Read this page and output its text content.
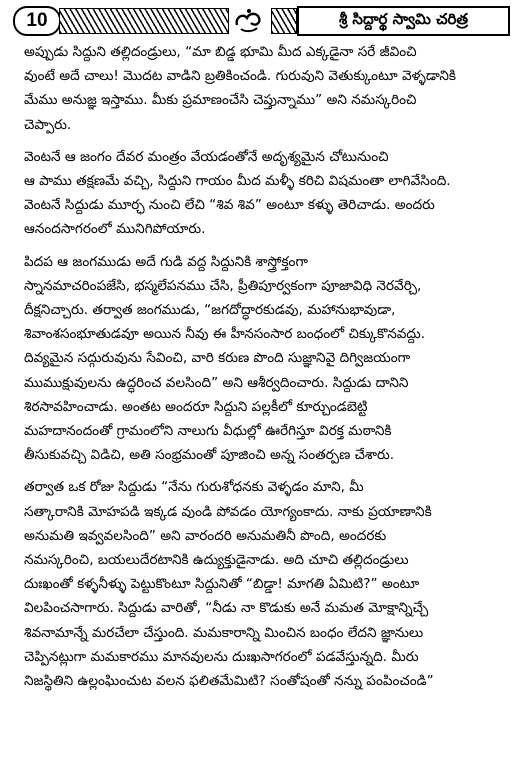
10	శ్రీ సిద్దార్థ స్వామి చరిత్ర

అప్పుడు సిద్దుని తల్లిదండ్రులు, “మా బిడ్డ భూమి మీద ఎక్కడైనా సరే జీవించి
వుంటే అదే చాలు! మొదట వాడిని బ్రతికించండి. గురువుని వెతుక్కుంటూ వెళ్ళడానికి
మేము అనుజ్ఞ ఇస్తాము. మీకు ప్రమాణంచేసి చెప్తున్నాము” అని నమస్కరించి
చెప్పారు.

వెంటనే ఆ జంగం దేవర మంత్రం వేయడంతోనే అదృశ్యమైన చోటునుంచి
ఆ పాము తక్షణమే వచ్చి, సిద్దుని గాయం మీద మళ్ళీ కరిచి విషమంతా లాగివేసింది.
వెంటనే సిద్దుడు మూర్ఛ నుంచి లేచి “శివ శివ” అంటూ కళ్ళు తెరిచాడు. అందరు
ఆనందసాగరంలో మునిగిపోయారు.

పిదప ఆ జంగముడు అదే గుడి వద్ద సిద్దునికి శాస్త్రోక్తంగా
స్నానమాచరింపజేసి, భస్మలేపనము చేసి, ప్రీతిపూర్వకంగా పూజావిధి నెరవేర్చి,
దీక్షనిచ్చారు. తర్వాత జంగముడు, “జగదోద్ధారకుడవు, మహానుభావుడా,
శివాంశసంభూతుడవూ అయిన నీవు ఈ హీనసంసార బంధంలో చిక్కుకొనవద్దు.
దివ్యమైన సద్గురువును సేవించి, వారి కరుణ పొంది సుజ్ఞానివై దిగ్విజయంగా
ముముక్షువులను ఉద్ధరించ వలసింది” అని ఆశీర్వదించారు. సిద్దుడు దానిని
శిరసావహించాడు. అంతట అందరూ సిద్దుని పల్లకీలో కూర్చుండబెట్టి
మహదానందంతో గ్రామంలోని నాలుగు వీధుల్లో ఊరేగిస్తూ విరక్త మఠానికి
తీసుకువచ్చి విడిచి, అతి సంభ్రమంతో పూజించి అన్న సంతర్పణ చేశారు.

తర్వాత ఒక రోజు సిద్దుడు “నేను గురుశోధనకు వెళ్ళడం మాని, మీ
సత్కారానికి మోహపడి ఇక్కడ వుండి పోవడం యోగ్యంకాదు. నాకు ప్రయాణానికి
అనుమతి ఇవ్వవలసింది” అని వారందరి అనుమతినీ పొంది, అందరకు
నమస్కరించి, బయలుదేరటానికి ఉద్యుక్తుడైనాడు. అది చూచి తల్లిదండ్రులు
దుఃఖంతో కళ్ళనీళ్ళు పెట్టుకొంటూ సిద్దునితో “బిడ్డా! మాగతి ఏమిటి?” అంటూ
విలపించసాగారు. సిద్దుడు వారితో, “నీడు నా కొడుకు అనే మమత మోక్షాన్నిచ్చే
శివనామాన్నే మరచేలా చేస్తుంది. మమకారాన్ని మించిన బంధం లేదని జ్ఞానులు
చెప్పినట్లుగా మమకారము మానవులను దుఃఖసాగరంలో పడవేస్తున్నది. మీరు
నిజస్థితిని ఉల్లంఘించుట వలన ఫలితమేమిటి? సంతోషంతో నన్ను పంపించండి”
